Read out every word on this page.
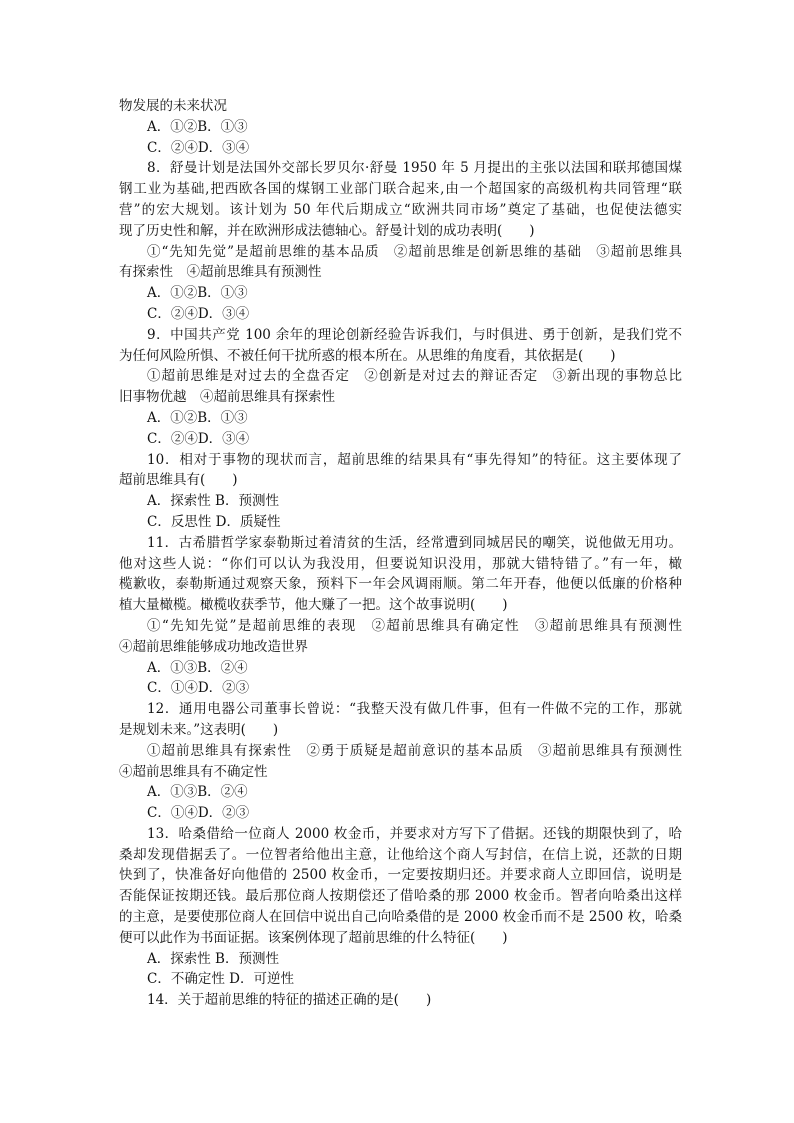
物发展的未来状况
A．①②B．①③
C．②④D．③④
8．舒曼计划是法国外交部长罗贝尔·舒曼 1950 年 5 月提出的主张以法国和联邦德国煤
钢工业为基础,把西欧各国的煤钢工业部门联合起来,由一个超国家的高级机构共同管理“联
营”的宏大规划。该计划为 50 年代后期成立“欧洲共同市场”奠定了基础，也促使法德实
现了历史性和解，并在欧洲形成法德轴心。舒曼计划的成功表明(　　)
①“先知先觉”是超前思维的基本品质　②超前思维是创新思维的基础　③超前思维具
有探索性　④超前思维具有预测性
A．①②B．①③
C．②④D．③④
9．中国共产党 100 余年的理论创新经验告诉我们，与时俱进、勇于创新，是我们党不
为任何风险所惧、不被任何干扰所惑的根本所在。从思维的角度看，其依据是(　　)
①超前思维是对过去的全盘否定　②创新是对过去的辩证否定　③新出现的事物总比
旧事物优越　④超前思维具有探索性
A．①②B．①③
C．②④D．③④
10．相对于事物的现状而言，超前思维的结果具有“事先得知”的特征。这主要体现了
超前思维具有(　　)
A．探索性 B．预测性
C．反思性 D．质疑性
11．古希腊哲学家泰勒斯过着清贫的生活，经常遭到同城居民的嘲笑，说他做无用功。
他对这些人说：“你们可以认为我没用，但要说知识没用，那就大错特错了。”有一年，橄
榄歉收，泰勒斯通过观察天象，预料下一年会风调雨顺。第二年开春，他便以低廉的价格种
植大量橄榄。橄榄收获季节，他大赚了一把。这个故事说明(　　)
①“先知先觉”是超前思维的表现　②超前思维具有确定性　③超前思维具有预测性
④超前思维能够成功地改造世界
A．①③B．②④
C．①④D．②③
12．通用电器公司董事长曾说：“我整天没有做几件事，但有一件做不完的工作，那就
是规划未来。”这表明(　　)
①超前思维具有探索性　②勇于质疑是超前意识的基本品质　③超前思维具有预测性
④超前思维具有不确定性
A．①③B．②④
C．①④D．②③
13．哈桑借给一位商人 2000 枚金币，并要求对方写下了借据。还钱的期限快到了，哈
桑却发现借据丢了。一位智者给他出主意，让他给这个商人写封信，在信上说，还款的日期
快到了，快准备好向他借的 2500 枚金币，一定要按期归还。并要求商人立即回信，说明是
否能保证按期还钱。最后那位商人按期偿还了借哈桑的那 2000 枚金币。智者向哈桑出这样
的主意，是要使那位商人在回信中说出自己向哈桑借的是 2000 枚金币而不是 2500 枚，哈桑
便可以此作为书面证据。该案例体现了超前思维的什么特征(　　)
A．探索性 B．预测性
C．不确定性 D．可逆性
14．关于超前思维的特征的描述正确的是(　　)
